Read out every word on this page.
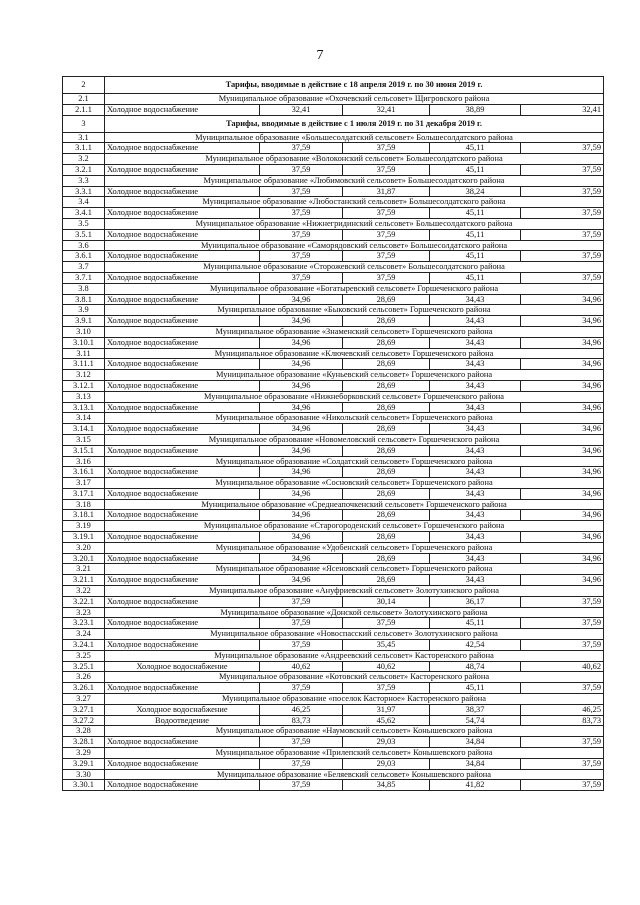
7
2	Тарифы, вводимые в действие с 18 апреля 2019 г. по 30 июня 2019 г.				
2.1	Муниципальное образование «Охочевский сельсовет» Щигровского района				
2.1.1	Холодное водоснабжение	32,41	32,41	38,89	32,41
3	Тарифы, вводимые в действие с 1 июля 2019 г. по 31 декабря 2019 г.				
3.1	Муниципальное образование «Большесолдатский сельсовет» Большесолдатского района				
3.1.1	Холодное водоснабжение	37,59	37,59	45,11	37,59
3.2	Муниципальное образование «Волоконский сельсовет» Большесолдатского района				
3.2.1	Холодное водоснабжение	37,59	37,59	45,11	37,59
3.3	Муниципальное образование «Любимовский сельсовет» Большесолдатского района				
3.3.1	Холодное водоснабжение	37,59	31,87	38,24	37,59
3.4	Муниципальное образование «Любостанский сельсовет» Большесолдатского района				
3.4.1	Холодное водоснабжение	37,59	37,59	45,11	37,59
3.5	Муниципальное образование «Нижнегридинский сельсовет» Большесолдатского района				
3.5.1	Холодное водоснабжение	37,59	37,59	45,11	37,59
3.6	Муниципальное образование «Саморядовский сельсовет» Большесолдатского района				
3.6.1	Холодное водоснабжение	37,59	37,59	45,11	37,59
3.7	Муниципальное образование «Сторожевский сельсовет» Большесолдатского района				
3.7.1	Холодное водоснабжение	37,59	37,59	45,11	37,59
3.8	Муниципальное образование «Богатыревский сельсовет» Горшеченского района				
3.8.1	Холодное водоснабжение	34,96	28,69	34,43	34,96
3.9	Муниципальное образование «Быковский сельсовет» Горшеченского района				
3.9.1	Холодное водоснабжение	34,96	28,69	34,43	34,96
3.10	Муниципальное образование «Знаменский сельсовет» Горшеченского района				
3.10.1	Холодное водоснабжение	34,96	28,69	34,43	34,96
3.11	Муниципальное образование «Ключевский сельсовет» Горшеченского района				
3.11.1	Холодное водоснабжение	34,96	28,69	34,43	34,96
3.12	Муниципальное образование «Куньевский сельсовет» Горшеченского района				
3.12.1	Холодное водоснабжение	34,96	28,69	34,43	34,96
3.13	Муниципальное образование «Нижнеборковский сельсовет» Горшеченского района				
3.13.1	Холодное водоснабжение	34,96	28,69	34,43	34,96
3.14	Муниципальное образование «Никольский сельсовет» Горшеченского района				
3.14.1	Холодное водоснабжение	34,96	28,69	34,43	34,96
3.15	Муниципальное образование «Новомеловский сельсовет» Горшеченского района				
3.15.1	Холодное водоснабжение	34,96	28,69	34,43	34,96
3.16	Муниципальное образование «Солдатский сельсовет» Горшеченского района				
3.16.1	Холодное водоснабжение	34,96	28,69	34,43	34,96
3.17	Муниципальное образование «Сосновский сельсовет» Горшеченского района				
3.17.1	Холодное водоснабжение	34,96	28,69	34,43	34,96
3.18	Муниципальное образование «Среднеапочкенский сельсовет» Горшеченского района				
3.18.1	Холодное водоснабжение	34,96	28,69	34,43	34,96
3.19	Муниципальное образование «Старогороденский сельсовет» Горшеченского района				
3.19.1	Холодное водоснабжение	34,96	28,69	34,43	34,96
3.20	Муниципальное образование «Удобенский сельсовет» Горшеченского района				
3.20.1	Холодное водоснабжение	34,96	28,69	34,43	34,96
3.21	Муниципальное образование «Ясеновский сельсовет» Горшеченского района				
3.21.1	Холодное водоснабжение	34,96	28,69	34,43	34,96
3.22	Муниципальное образование «Ануфриевский сельсовет» Золотухинского района				
3.22.1	Холодное водоснабжение	37,59	30,14	36,17	37,59
3.23	Муниципальное образование «Донской сельсовет» Золотухинского района				
3.23.1	Холодное водоснабжение	37,59	37,59	45,11	37,59
3.24	Муниципальное образование «Новоспасский сельсовет» Золотухинского района				
3.24.1	Холодное водоснабжение	37,59	35,45	42,54	37,59
3.25	Муниципальное образование «Андреевский сельсовет» Касторенского района				
3.25.1	Холодное водоснабжение	40,62	40,62	48,74	40,62
3.26	Муниципальное образование «Котовский сельсовет» Касторенского района				
3.26.1	Холодное водоснабжение	37,59	37,59	45,11	37,59
3.27	Муниципальное образование «поселок Касторное» Касторенского района				
3.27.1	Холодное водоснабжение	46,25	31,97	38,37	46,25
3.27.2	Водоотведение	83,73	45,62	54,74	83,73
3.28	Муниципальное образование «Наумовский сельсовет» Конышевского района				
3.28.1	Холодное водоснабжение	37,59	29,03	34,84	37,59
3.29	Муниципальное образование «Прилепский сельсовет» Конышевского района				
3.29.1	Холодное водоснабжение	37,59	29,03	34,84	37,59
3.30	Муниципальное образование «Беляевский сельсовет» Конышевского района				
3.30.1	Холодное водоснабжение	37,59	34,85	41,82	37,59
